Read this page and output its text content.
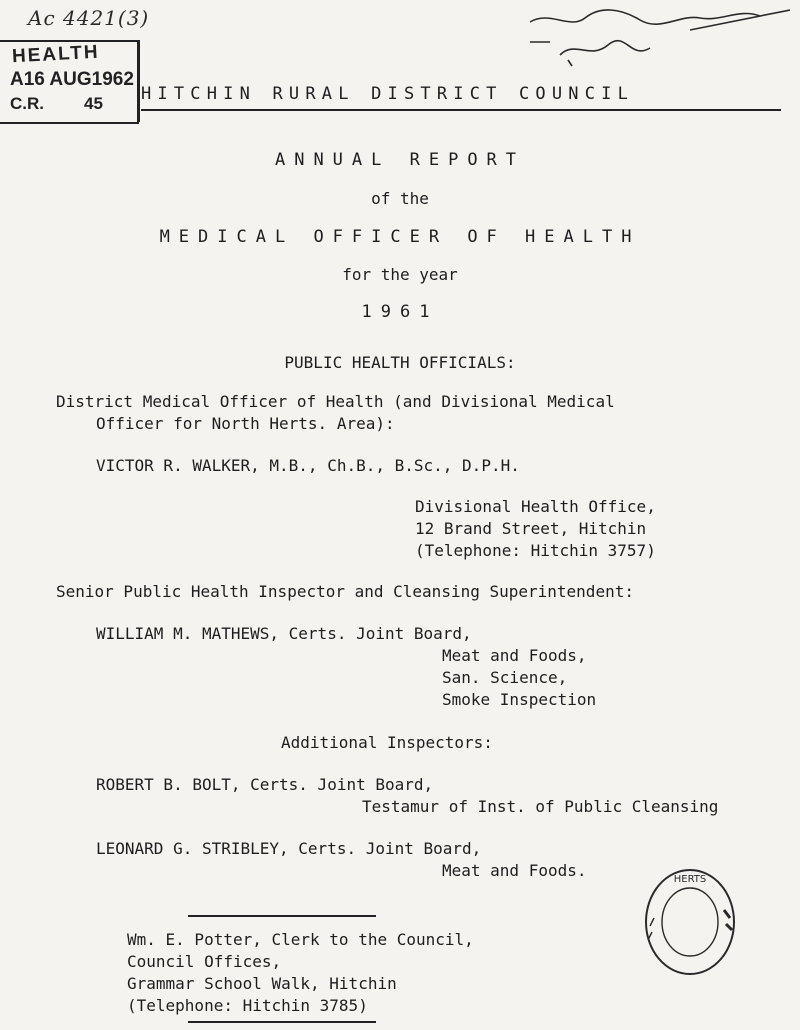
Ac 4421(3)
HEALTH
A16 AUG1962
C.R. 45 HITCHIN RURAL DISTRICT COUNCIL
ANNUAL REPORT
of the
MEDICAL OFFICER OF HEALTH
for the year
1961
PUBLIC HEALTH OFFICIALS:
District Medical Officer of Health (and Divisional Medical
Officer for North Herts. Area):
VICTOR R. WALKER, M.B., Ch.B., B.Sc., D.P.H.
Divisional Health Office,
12 Brand Street, Hitchin
(Telephone: Hitchin 3757)
Senior Public Health Inspector and Cleansing Superintendent:
WILLIAM M. MATHEWS, Certs. Joint Board,
Meat and Foods,
San. Science,
Smoke Inspection
Additional Inspectors:
ROBERT B. BOLT, Certs. Joint Board,
Testamur of Inst. of Public Cleansing
LEONARD G. STRIBLEY, Certs. Joint Board,
Meat and Foods.
Wm. E. Potter, Clerk to the Council,
Council Offices,
Grammar School Walk, Hitchin
(Telephone: Hitchin 3785)
HERTS
